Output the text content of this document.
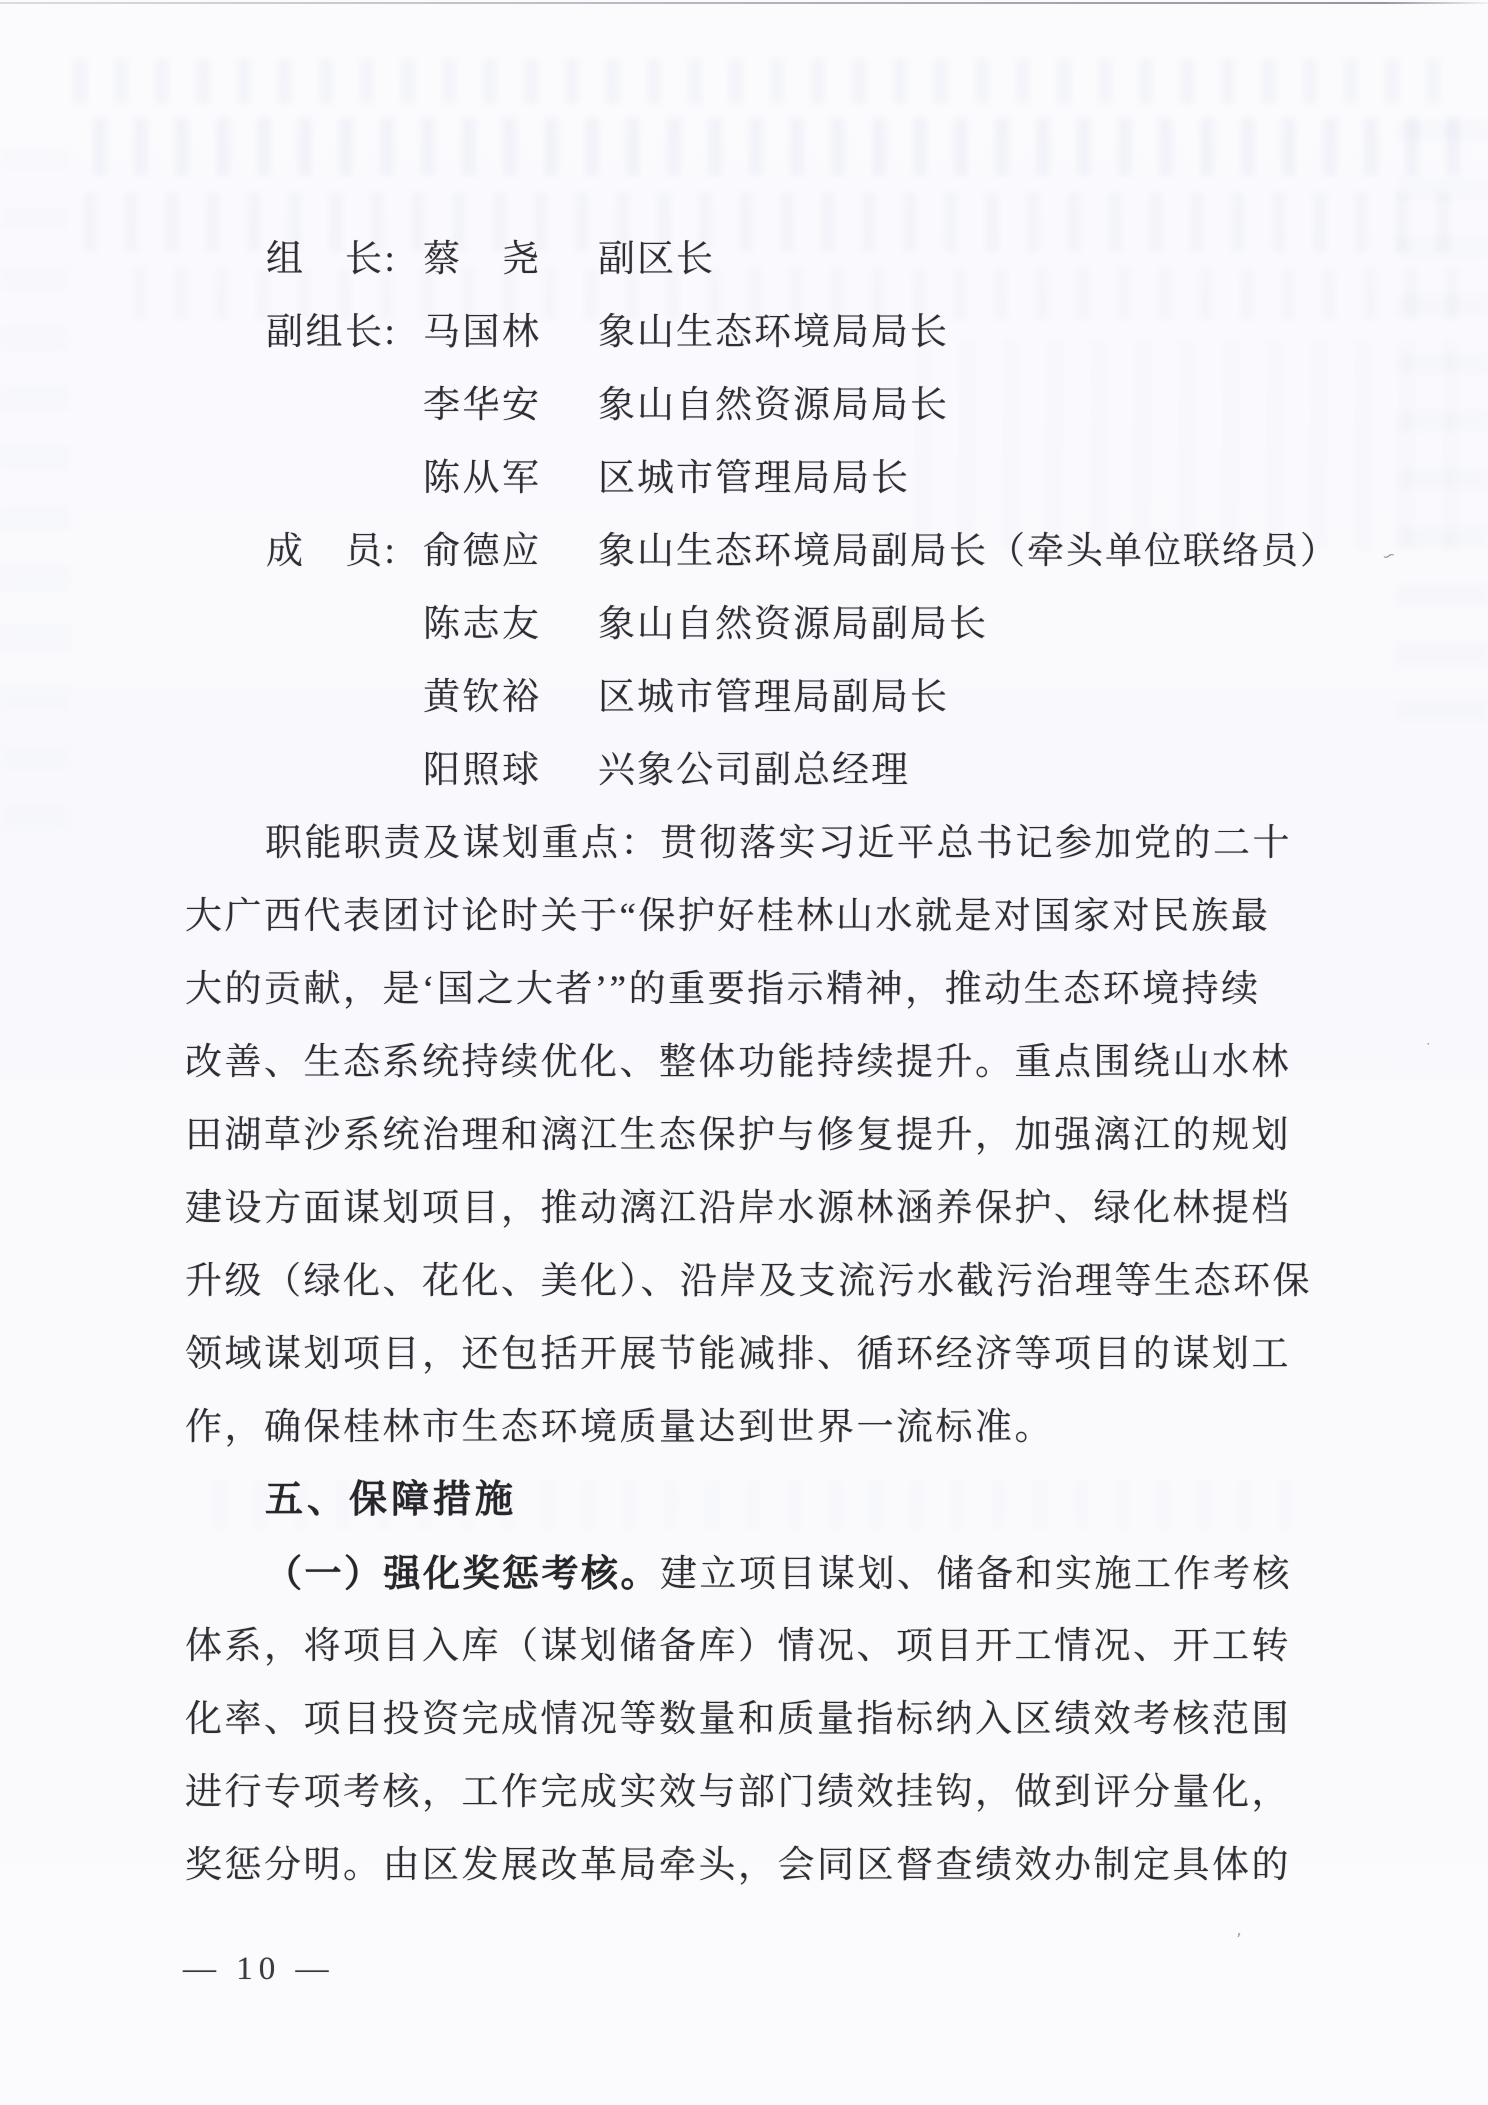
∽
᛫
’
组　长: 蔡　尧 副区长
副组长: 马国林 象山生态环境局局长
李华安 象山自然资源局局长
陈从军 区城市管理局局长
成　员: 俞德应 象山生态环境局副局长（牵头单位联络员）
陈志友 象山自然资源局副局长
黄钦裕 区城市管理局副局长
阳照球 兴象公司副总经理
职能职责及谋划重点：贯彻落实习近平总书记参加党的二十
大广西代表团讨论时关于“保护好桂林山水就是对国家对民族最
大的贡献，是‘国之大者’”的重要指示精神，推动生态环境持续
改善、生态系统持续优化、整体功能持续提升。重点围绕山水林
田湖草沙系统治理和漓江生态保护与修复提升，加强漓江的规划
建设方面谋划项目，推动漓江沿岸水源林涵养保护、绿化林提档
升级（绿化、花化、美化）、沿岸及支流污水截污治理等生态环保
领域谋划项目，还包括开展节能减排、循环经济等项目的谋划工
作，确保桂林市生态环境质量达到世界一流标准。
五、保障措施
（一）强化奖惩考核。建立项目谋划、储备和实施工作考核
体系，将项目入库（谋划储备库）情况、项目开工情况、开工转
化率、项目投资完成情况等数量和质量指标纳入区绩效考核范围
进行专项考核，工作完成实效与部门绩效挂钩，做到评分量化，
奖惩分明。由区发展改革局牵头，会同区督查绩效办制定具体的
— 10 —
